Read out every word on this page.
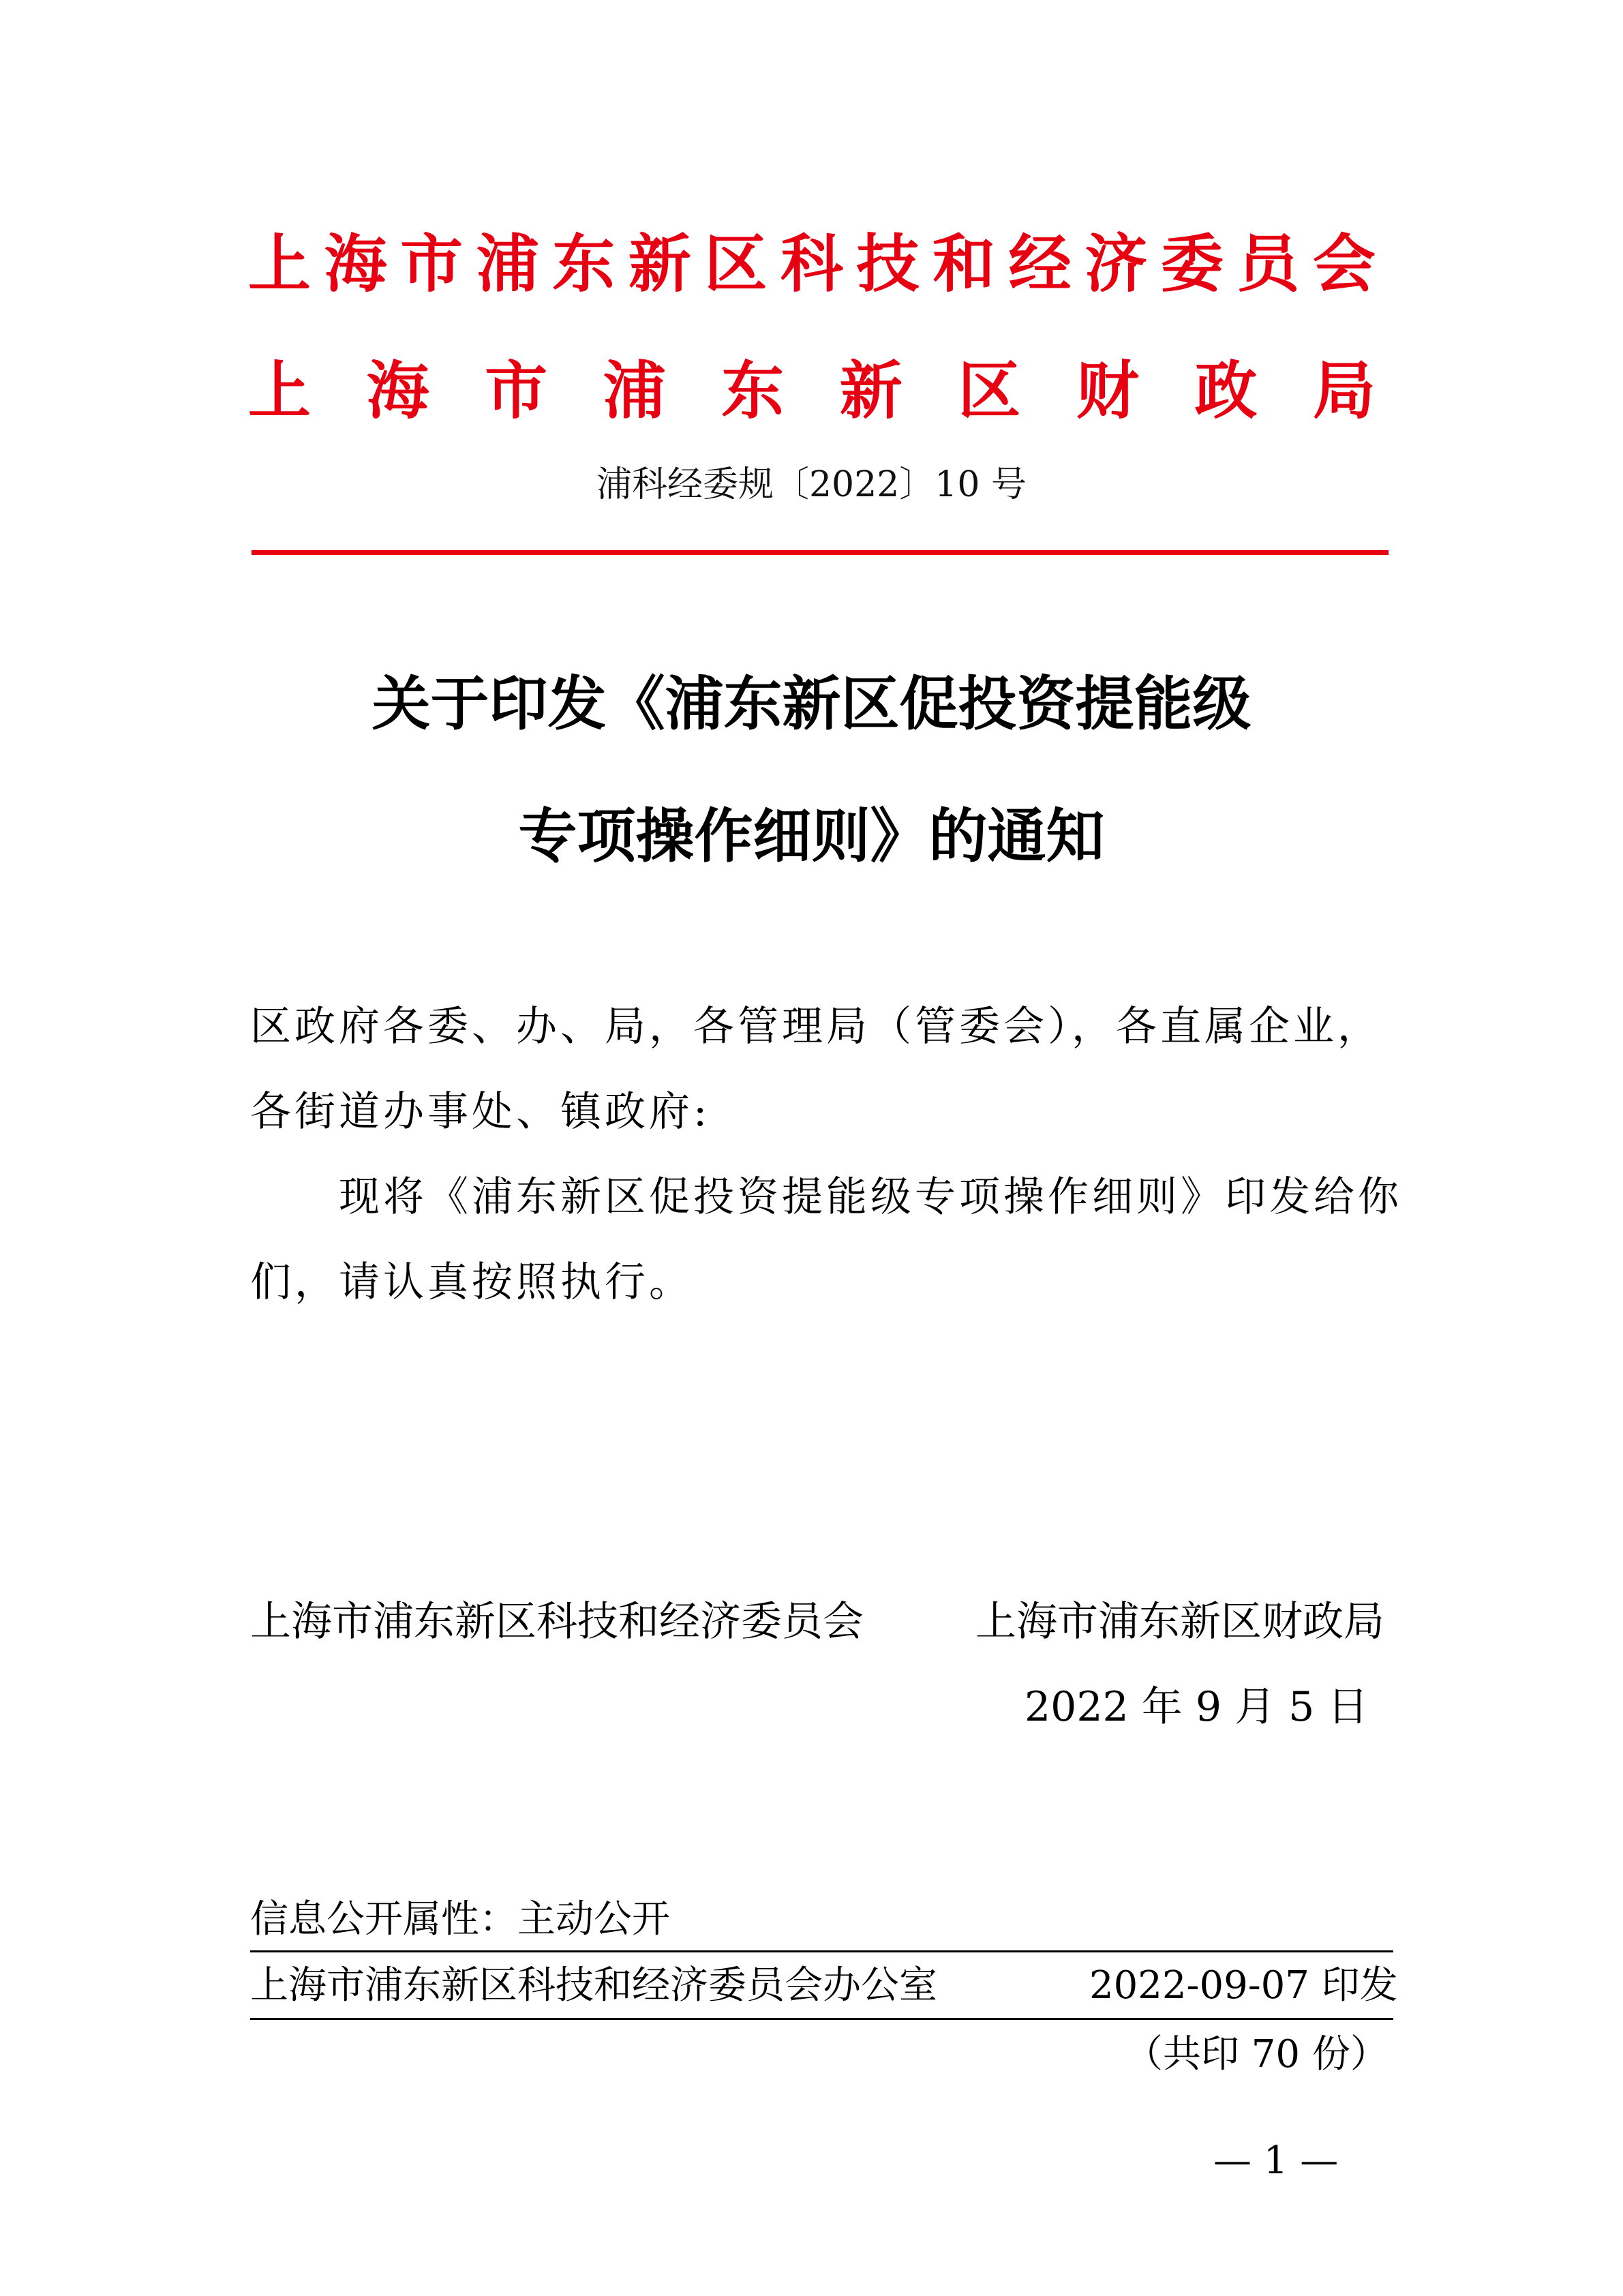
上 海 市 浦 东 新 区 科 技 和 经 济 委 员 会
上 海 市 浦 东 新 区 财 政 局
浦科经委规〔2022〕10 号
关于印发《浦东新区促投资提能级
专项操作细则》的通知
区政府各委、办、局，各管理局（管委会），各直属企业，
各街道办事处、镇政府:
现将《浦东新区促投资提能级专项操作细则》印发给你
们，请认真按照执行。
上海市浦东新区科技和经济委员会	上海市浦东新区财政局
2022 年 9 月 5 日
信息公开属性：主动公开
上海市浦东新区科技和经济委员会办公室	2022-09-07 印发
（共印 70 份）
— 1 —
